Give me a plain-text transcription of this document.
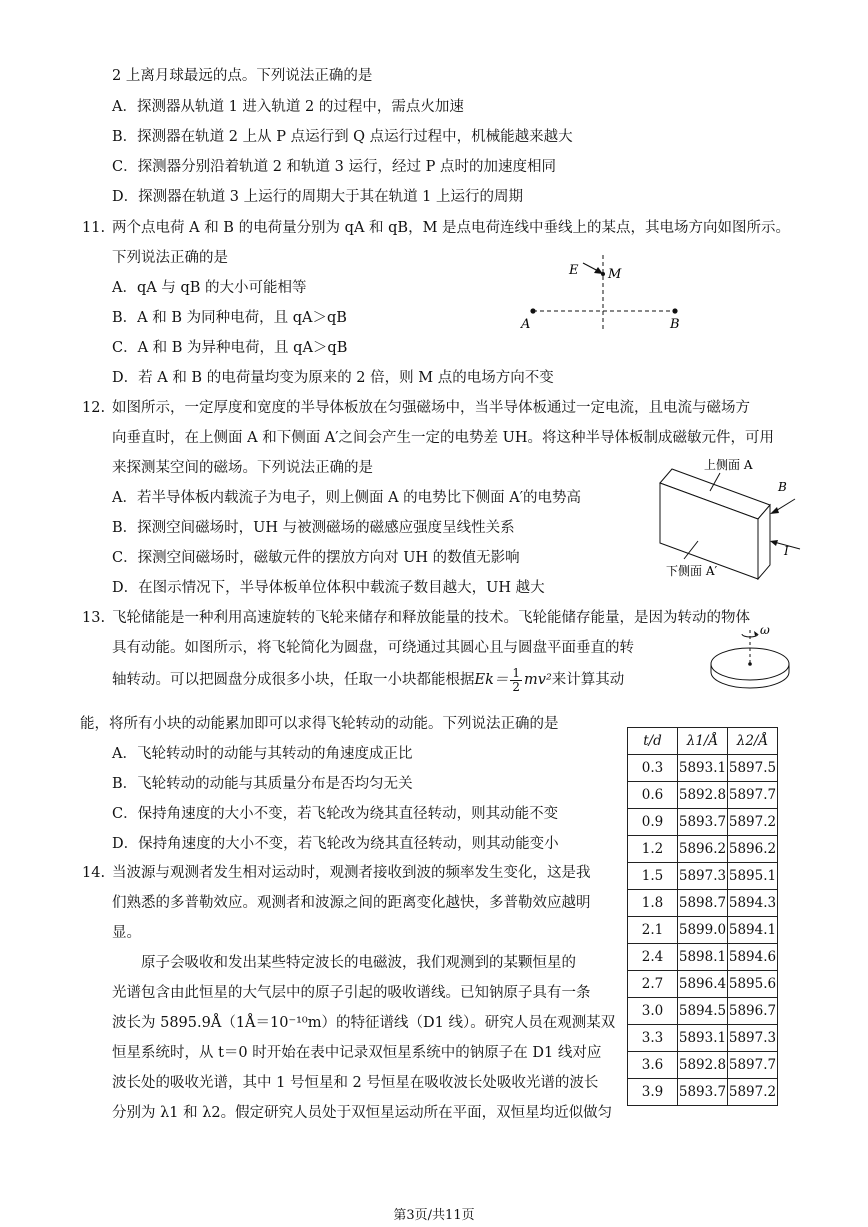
2 上离月球最远的点。下列说法正确的是
A．探测器从轨道 1 进入轨道 2 的过程中，需点火加速
B．探测器在轨道 2 上从 P 点运行到 Q 点运行过程中，机械能越来越大
C．探测器分别沿着轨道 2 和轨道 3 运行，经过 P 点时的加速度相同
D．探测器在轨道 3 上运行的周期大于其在轨道 1 上运行的周期
11. 两个点电荷 A 和 B 的电荷量分别为 qA 和 qB，M 是点电荷连线中垂线上的某点，其电场方向如图所示。
下列说法正确的是
A．qA 与 qB 的大小可能相等
B．A 和 B 为同种电荷，且 qA＞qB
C．A 和 B 为异种电荷，且 qA＞qB
D．若 A 和 B 的电荷量均变为原来的 2 倍，则 M 点的电场方向不变
E M
A	B
12. 如图所示，一定厚度和宽度的半导体板放在匀强磁场中，当半导体板通过一定电流，且电流与磁场方
向垂直时，在上侧面 A 和下侧面 A′之间会产生一定的电势差 UH。将这种半导体板制成磁敏元件，可用
来探测某空间的磁场。下列说法正确的是
A．若半导体板内载流子为电子，则上侧面 A 的电势比下侧面 A′的电势高
B．探测空间磁场时，UH 与被测磁场的磁感应强度呈线性关系
C．探测空间磁场时，磁敏元件的摆放方向对 UH 的数值无影响
D．在图示情况下，半导体板单位体积中载流子数目越大，UH 越大
上侧面 A
B
I
下侧面 A′
13. 飞轮储能是一种利用高速旋转的飞轮来储存和释放能量的技术。飞轮能储存能量，是因为转动的物体
具有动能。如图所示，将飞轮简化为圆盘，可绕通过其圆心且与圆盘平面垂直的转
轴转动。可以把圆盘分成很多小块，任取一小块都能根据$Ek= \frac{1}{2} mv^2$来计算其动
能，将所有小块的动能累加即可以求得飞轮转动的动能。下列说法正确的是
A．飞轮转动时的动能与其转动的角速度成正比
B．飞轮转动的动能与其质量分布是否均匀无关
C．保持角速度的大小不变，若飞轮改为绕其直径转动，则其动能不变
D．保持角速度的大小不变，若飞轮改为绕其直径转动，则其动能变小
ω
t/d	λ1/Å	λ2/Å
0.3	5893.1	5897.5
0.6	5892.8	5897.7
0.9	5893.7	5897.2
1.2	5896.2	5896.2
1.5	5897.3	5895.1
1.8	5898.7	5894.3
2.1	5899.0	5894.1
2.4	5898.1	5894.6
2.7	5896.4	5895.6
3.0	5894.5	5896.7
3.3	5893.1	5897.3
3.6	5892.8	5897.7
3.9	5893.7	5897.2
14. 当波源与观测者发生相对运动时，观测者接收到波的频率发生变化，这是我
们熟悉的多普勒效应。观测者和波源之间的距离变化越快，多普勒效应越明
显。
原子会吸收和发出某些特定波长的电磁波，我们观测到的某颗恒星的
光谱包含由此恒星的大气层中的原子引起的吸收谱线。已知钠原子具有一条
波长为 5895.9Å（1Å＝10⁻¹⁰m）的特征谱线（D1 线）。研究人员在观测某双
恒星系统时，从 t＝0 时开始在表中记录双恒星系统中的钠原子在 D1 线对应
波长处的吸收光谱，其中 1 号恒星和 2 号恒星在吸收波长处吸收光谱的波长
分别为 λ1 和 λ2。假定研究人员处于双恒星运动所在平面，双恒星均近似做匀
第3页/共11页
